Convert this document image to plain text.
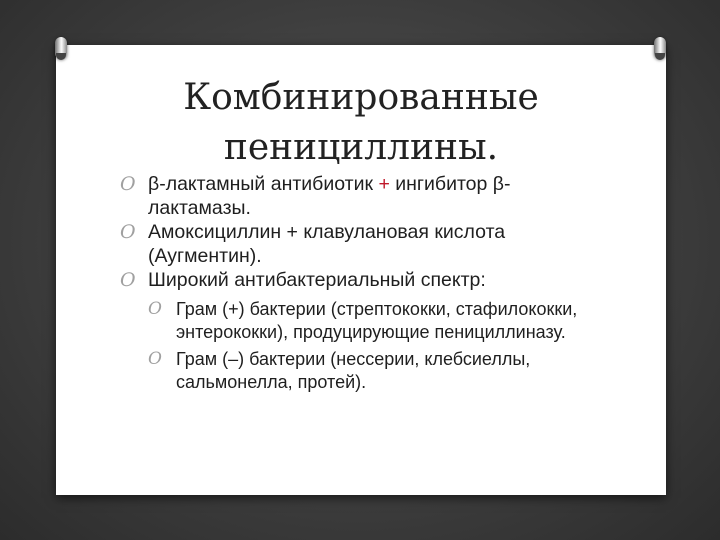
Комбинированные
пенициллины.
O β-лактамный антибиотик + ингибитор β-лактамазы.
O Амоксициллин + клавулановая кислота (Аугментин).
O Широкий антибактериальный спектр:
O Грам (+) бактерии (стрептококки, стафилококки, энтерококки), продуцирующие пенициллиназу.
O Грам (–) бактерии (нессерии, клебсиеллы, сальмонелла, протей).
